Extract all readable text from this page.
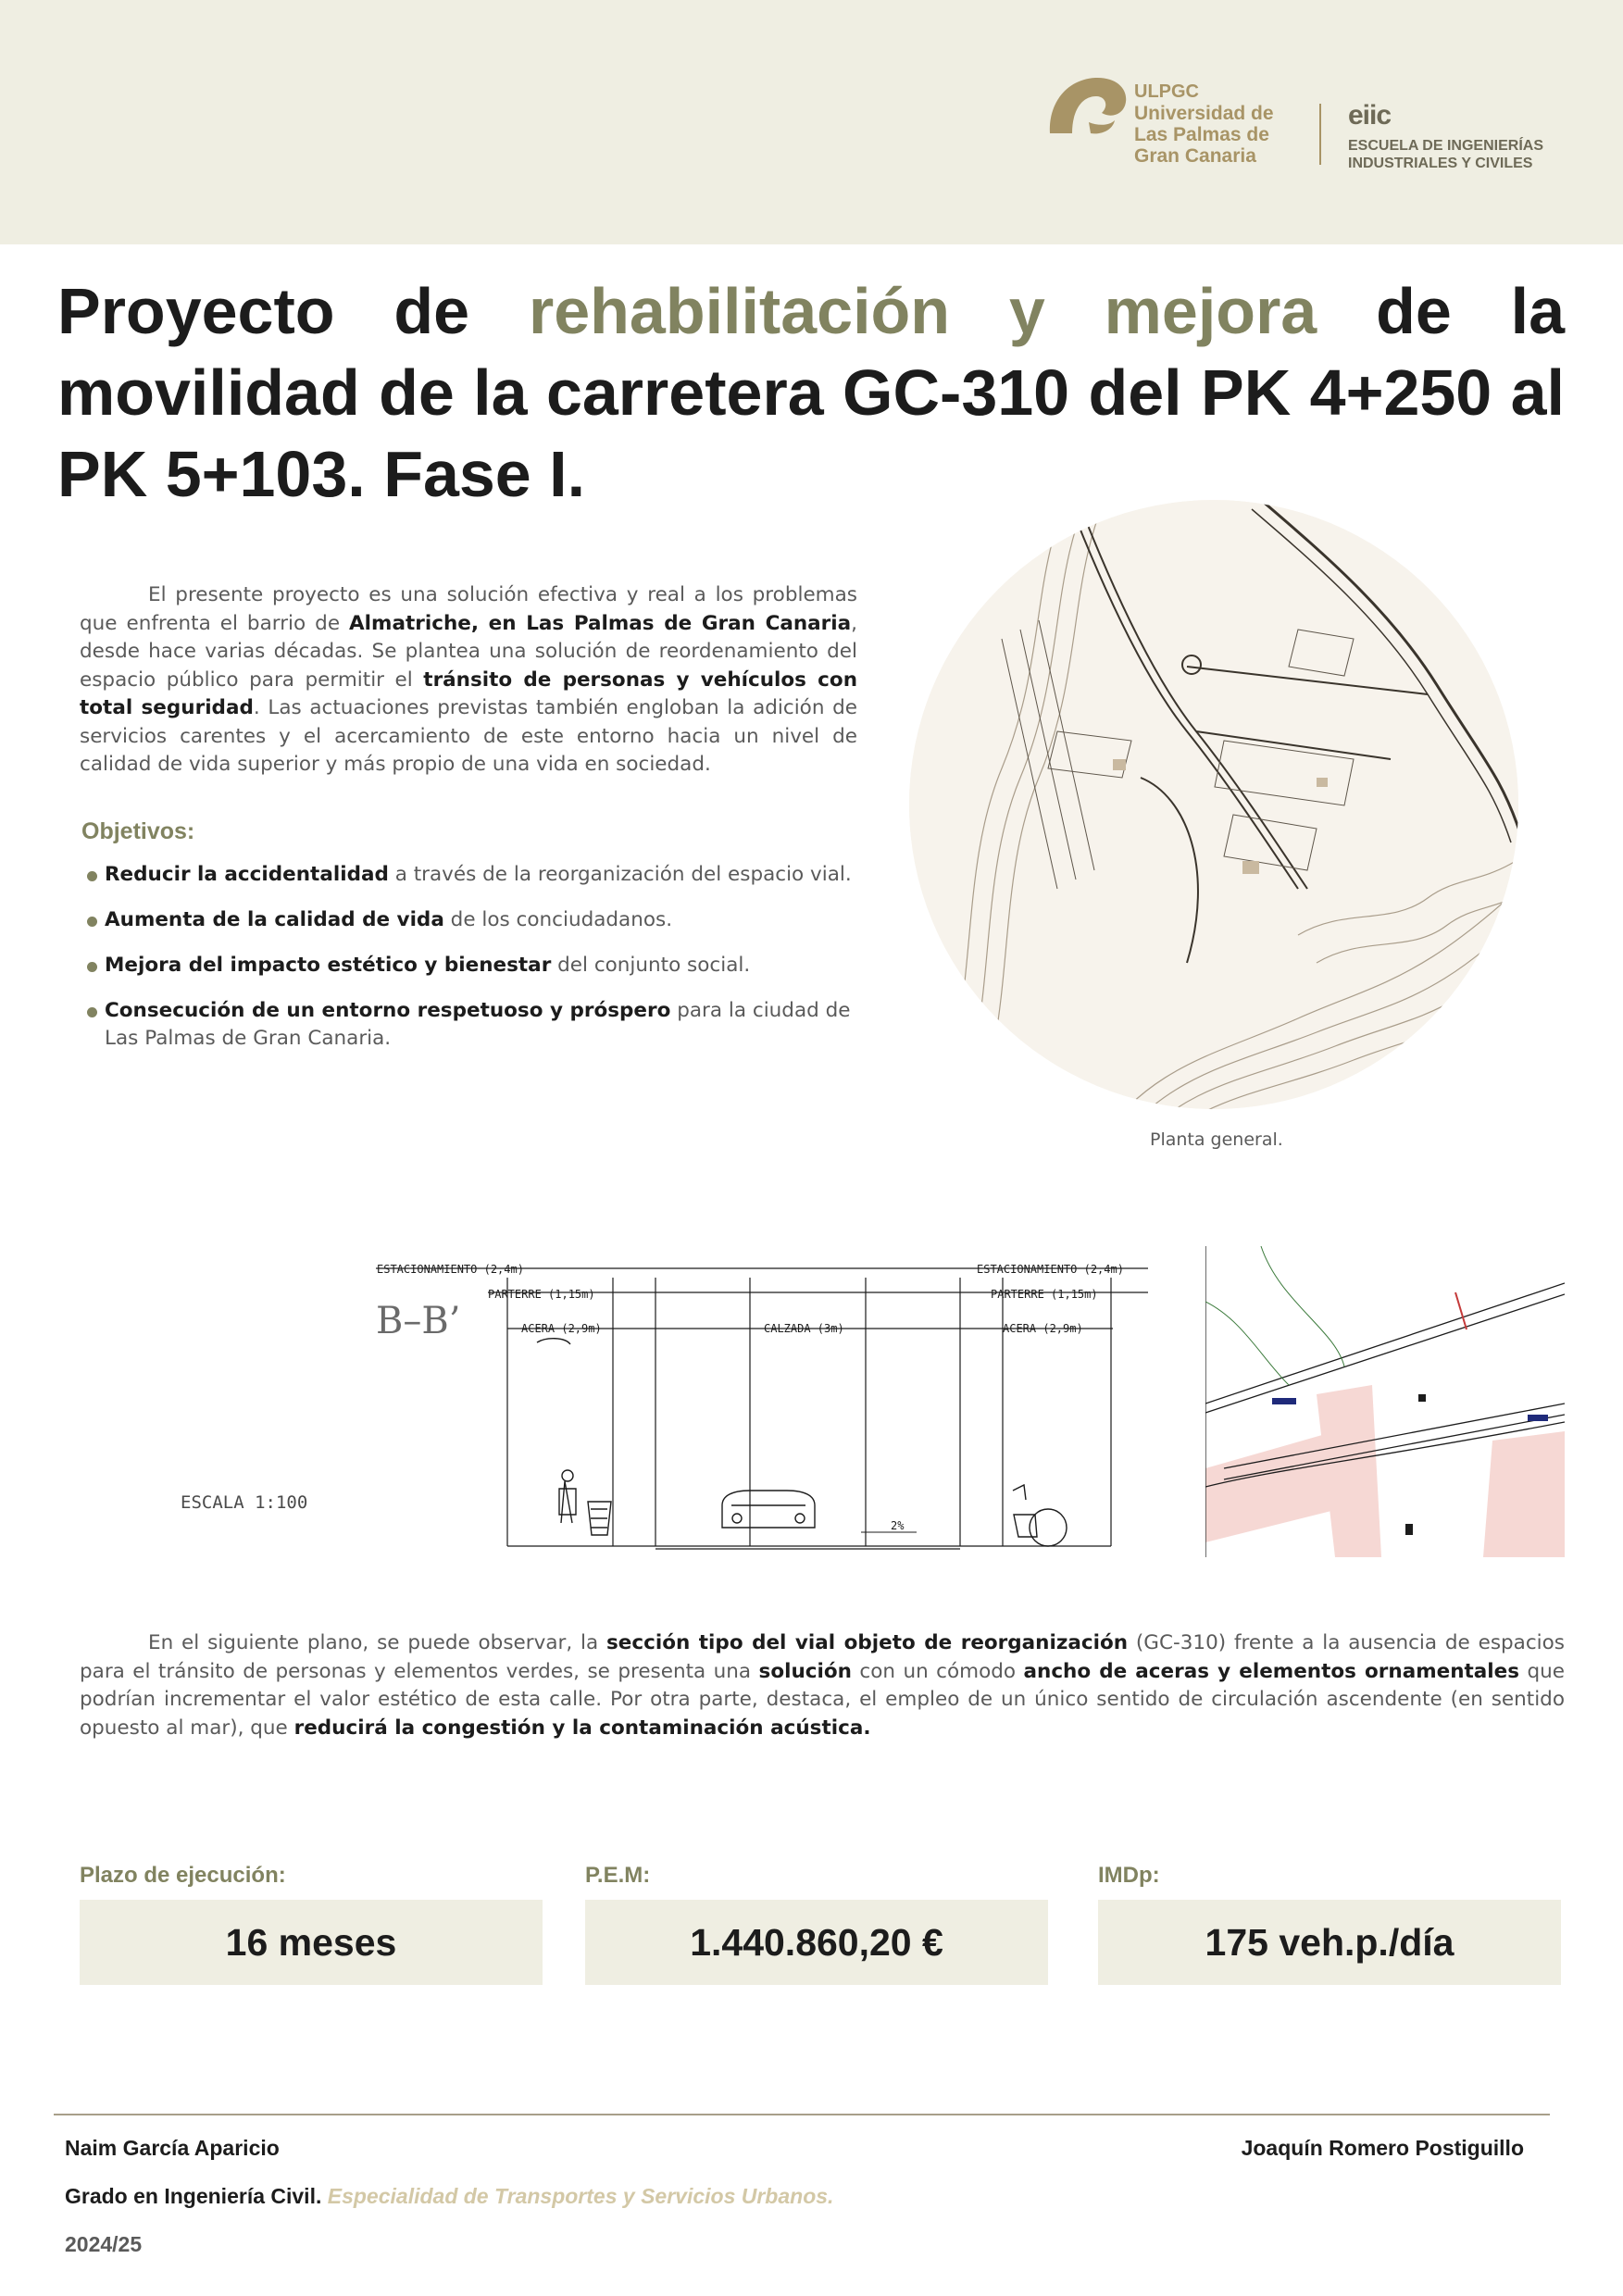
ULPGC
Universidad de
Las Palmas de
Gran Canaria
eiic
ESCUELA DE INGENIERÍAS
INDUSTRIALES Y CIVILES
Proyecto de rehabilitación y mejora de la movilidad de la carretera GC-310 del PK 4+250 al PK 5+103. Fase I.

El presente proyecto es una solución efectiva y real a los problemas que enfrenta el barrio de Almatriche, en Las Palmas de Gran Canaria, desde hace varias décadas. Se plantea una solución de reordenamiento del espacio público para permitir el tránsito de personas y vehículos con total seguridad. Las actuaciones previstas también engloban la adición de servicios carentes y el acercamiento de este entorno hacia un nivel de calidad de vida superior y más propio de una vida en sociedad.

Objetivos:
Reducir la accidentalidad a través de la reorganización del espacio vial.
Aumenta de la calidad de vida de los conciudadanos.
Mejora del impacto estético y bienestar del conjunto social.
Consecución de un entorno respetuoso y próspero para la ciudad de Las Palmas de Gran Canaria.
Planta general.
ESTACIONAMIENTO (2,4m)	ESTACIONAMIENTO (2,4m)
PARTERRE (1,15m)	PARTERRE (1,15m)
ACERA (2,9m)	ACERA (2,9m)
CALZADA (3m)
B–B’
ESCALA 1:100
2%

En el siguiente plano, se puede observar, la sección tipo del vial objeto de reorganización (GC-310) frente a la ausencia de espacios para el tránsito de personas y elementos verdes, se presenta una solución con un cómodo ancho de aceras y elementos ornamentales que podrían incrementar el valor estético de esta calle. Por otra parte, destaca, el empleo de un único sentido de circulación ascendente (en sentido opuesto al mar), que reducirá la congestión y la contaminación acústica.

Plazo de ejecución:
16 meses
P.E.M:
1.440.860,20 €
IMDp:
175 veh.p./día
Naim García Aparicio	Joaquín Romero Postiguillo
Grado en Ingeniería Civil. Especialidad de Transportes y Servicios Urbanos.
2024/25
